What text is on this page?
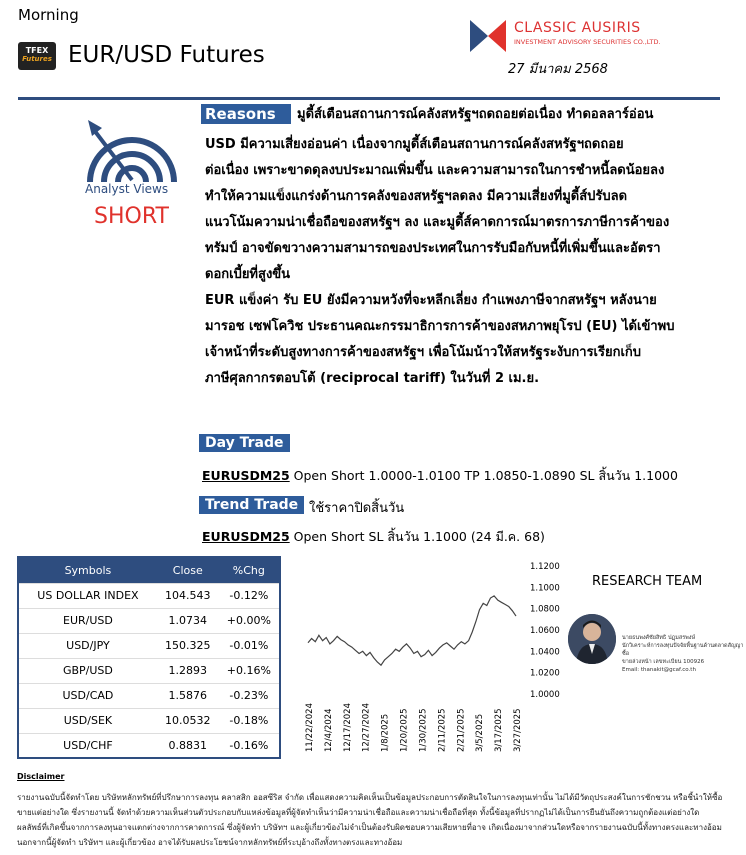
Morning
TFEX
Futures EUR/USD Futures
CLASSIC AUSIRIS
INVESTMENT ADVISORY SECURITIES CO.,LTD.
27 มีนาคม 2568
Analyst Views
SHORT
Reasons	มูดี้ส์เตือนสถานการณ์คลังสหรัฐฯถดถอยต่อเนื่อง ทำดอลลาร์อ่อน
USD มีความเสี่ยงอ่อนค่า เนื่องจากมูดี้ส์เตือนสถานการณ์คลังสหรัฐฯถดถอย
ต่อเนื่อง เพราะขาดดุลงบประมาณเพิ่มขึ้น และความสามารถในการชำหนี้ลดน้อยลง
ทำให้ความแข็งแกร่งด้านการคลังของสหรัฐฯลดลง มีความเสี่ยงที่มูดี้ส์ปรับลด
แนวโน้มความน่าเชื่อถือของสหรัฐฯ ลง และมูดี้ส์คาดการณ์มาตรการภาษีการค้าของ
ทรัมป์ อาจขัดขวางความสามารถของประเทศในการรับมือกับหนี้ที่เพิ่มขึ้นและอัตรา
ดอกเบี้ยที่สูงขึ้น
EUR แข็งค่า รับ EU ยังมีความหวังที่จะหลีกเลี่ยง กำแพงภาษีจากสหรัฐฯ หลังนาย
มารอช เซฟโควิช ประธานคณะกรรมาธิการการค้าของสหภาพยุโรป (EU) ได้เข้าพบ
เจ้าหน้าที่ระดับสูงทางการค้าของสหรัฐฯ เพื่อโน้มน้าวให้สหรัฐระงับการเรียกเก็บ
ภาษีศุลกากรตอบโต้ (reciprocal tariff) ในวันที่ 2 เม.ย.
Day Trade
EURUSDM25 Open Short 1.0000-1.0100 TP 1.0850-1.0890 SL สิ้นวัน 1.1000
Trend Trade ใช้ราคาปิดสิ้นวัน
EURUSDM25 Open Short SL สิ้นวัน 1.1000 (24 มี.ค. 68)
Symbols	Close	%Chg
US DOLLAR INDEX	104.543	-0.12%
EUR/USD	1.0734	+0.00%
USD/JPY	150.325	-0.01%
GBP/USD	1.2893	+0.16%
USD/CAD	1.5876	-0.23%
USD/SEK	10.0532	-0.18%
USD/CHF	0.8831	-0.16%
1.1200
1.1000
1.0800
1.0600
1.0400
1.0200
1.0000
11/22/2024 12/4/2024 12/17/2024 12/27/2024 1/8/2025 1/20/2025 1/30/2025 2/11/2025 2/21/2025 3/5/2025 3/17/2025 3/27/2025
RESEARCH TEAM
นายธนพงศ์ชัยสิทธิ ปฏุมสรพงษ์
นักวิเคราะห์การลงทุนปัจจัยพื้นฐานด้านตลาดสัญญาซื้อ
ขายล่วงหน้า เลขทะเบียน 100926
Email: thanakit@gcaf.co.th
Disclaimer
รายงานฉบับนี้จัดทำโดย บริษัทหลักทรัพย์ที่ปรึกษาการลงทุน คลาสสิก ออสซีริส จำกัด เพื่อแสดงความคิดเห็นเป็นข้อมูลประกอบการตัดสินใจในการลงทุนเท่านั้น ไม่ได้มีวัตถุประสงค์ในการชักชวน หรือชี้นำให้ซื้อขายแต่อย่างใด ซึ่งรายงานนี้ จัดทำด้วยความเห็นส่วนตัวประกอบกับแหล่งข้อมูลที่ผู้จัดทำเห็นว่ามีความน่าเชื่อถือและความน่าเชื่อถือที่สุด ทั้งนี้ข้อมูลที่ปรากฏไม่ได้เป็นการยืนยันถึงความถูกต้องแต่อย่างใดผลลัพธ์ที่เกิดขึ้นจากการลงทุนอาจแตกต่างจากการคาดการณ์ ซึ่งผู้จัดทำ บริษัทฯ และผู้เกี่ยวข้องไม่จำเป็นต้องรับผิดชอบความเสียหายที่อาจ เกิดเนื่องมาจากส่วนใดหรือจากรายงานฉบับนี้ทั้งทางตรงและทางอ้อม นอกจากนี้ผู้จัดทำ บริษัทฯ และผู้เกี่ยวข้อง อาจได้รับผลประโยชน์จากหลักทรัพย์ที่ระบุอ้างถึงทั้งทางตรงและทางอ้อม
